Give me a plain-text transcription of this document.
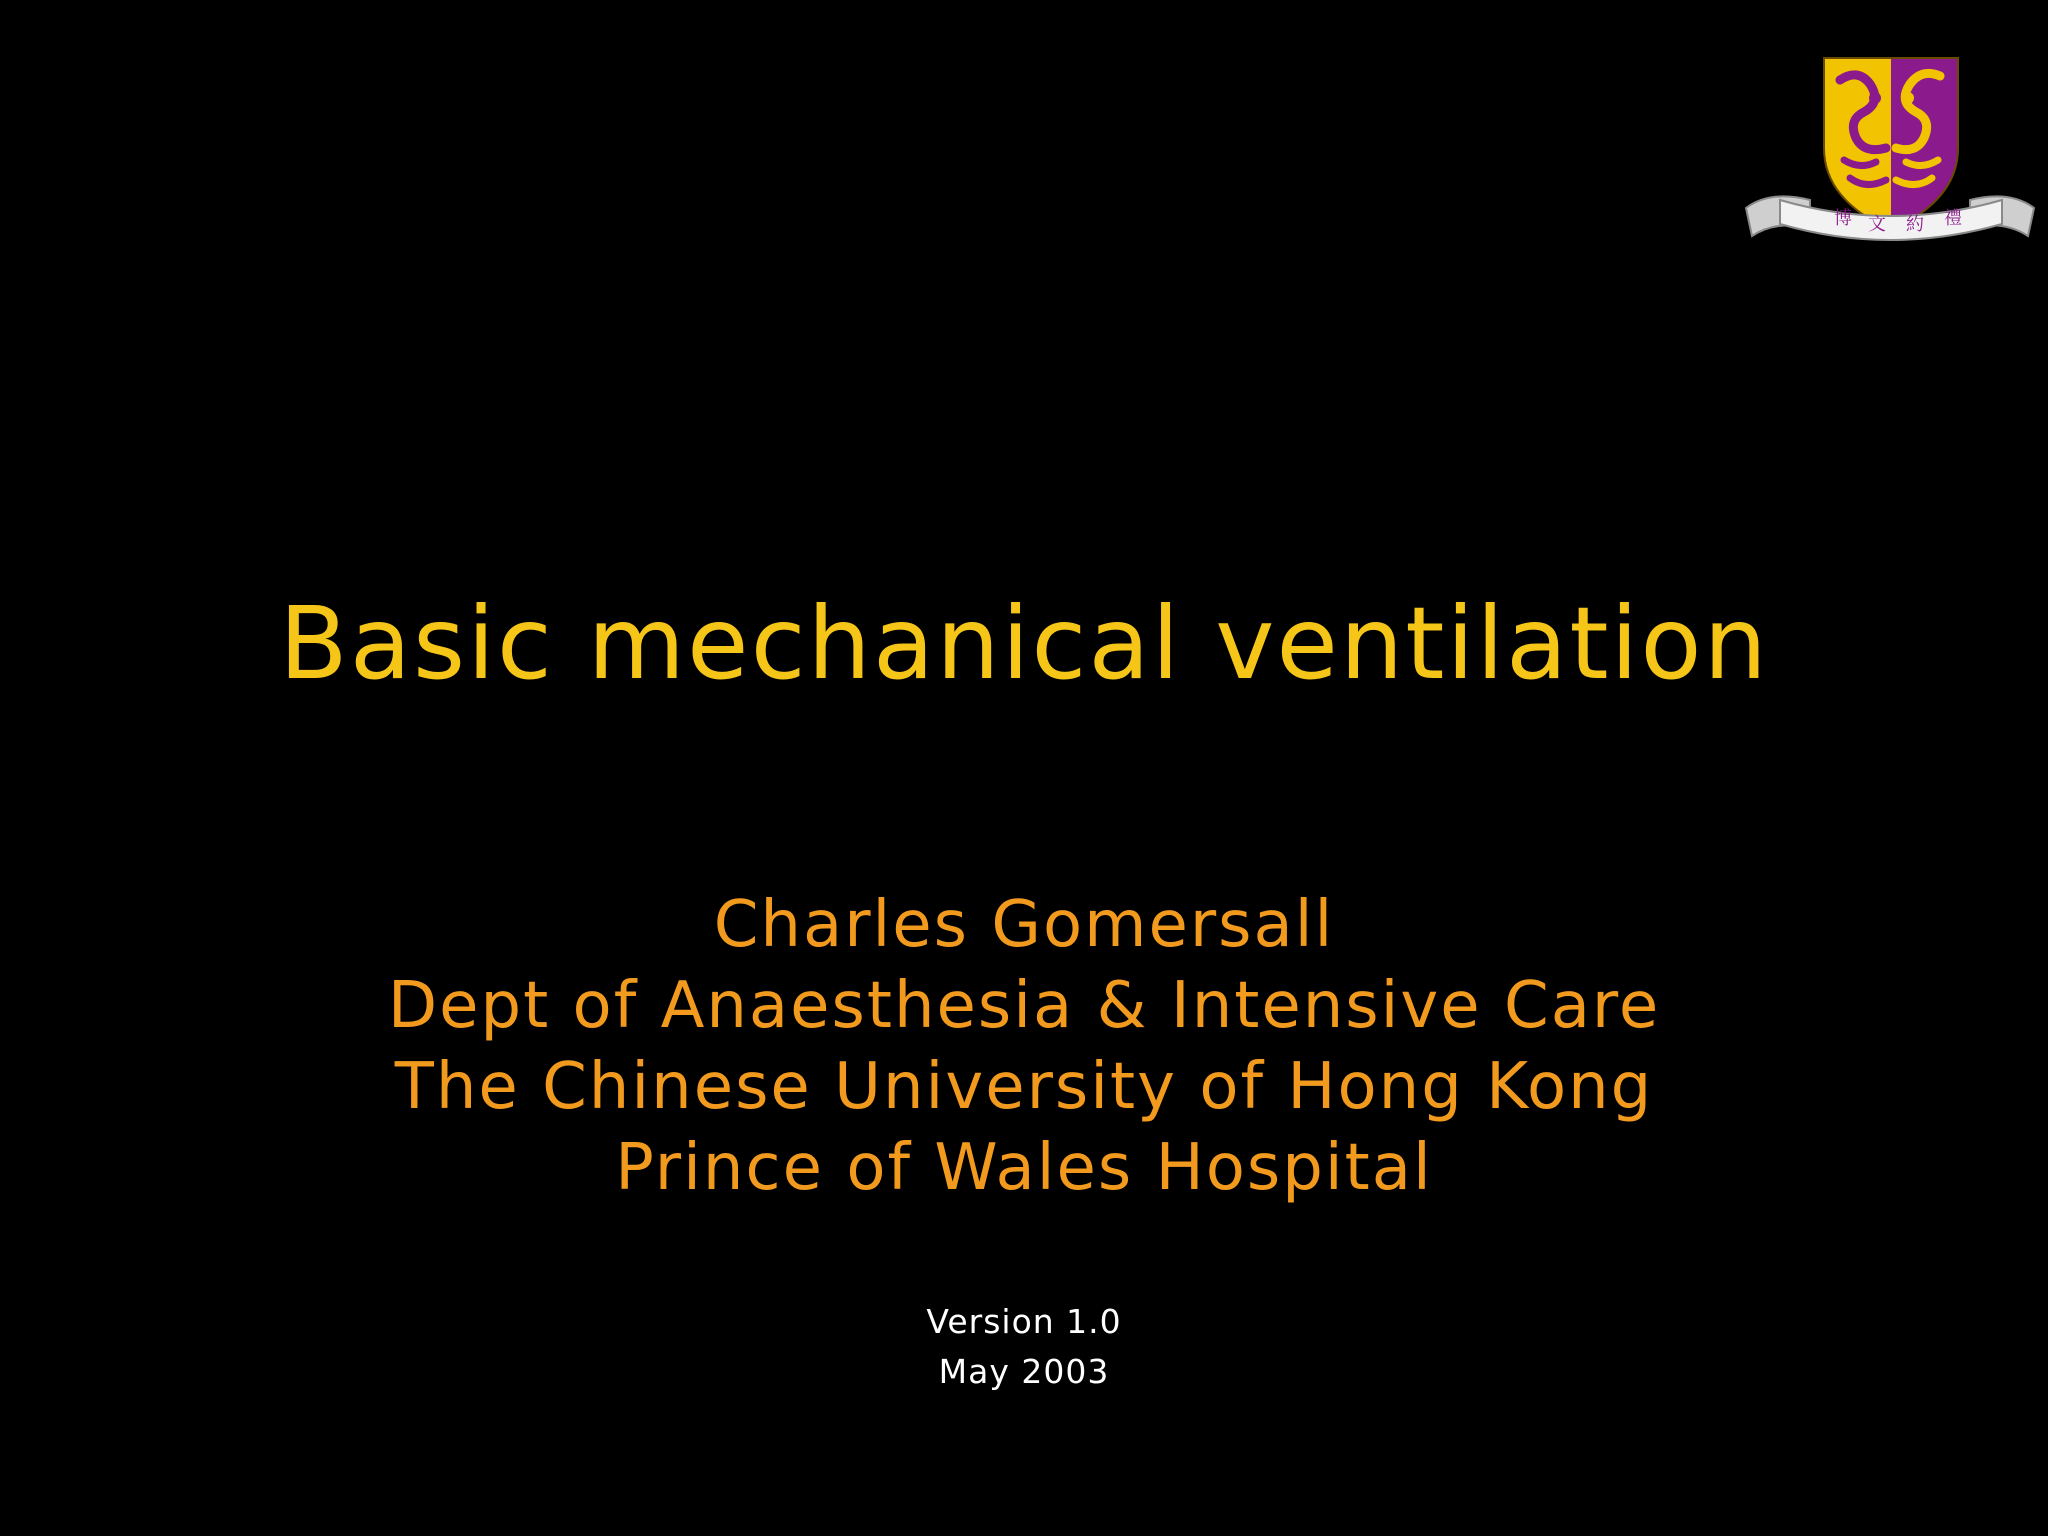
博 文 約 禮
Basic mechanical ventilation
Charles Gomersall
Dept of Anaesthesia & Intensive Care
The Chinese University of Hong Kong
Prince of Wales Hospital
Version 1.0
May 2003
